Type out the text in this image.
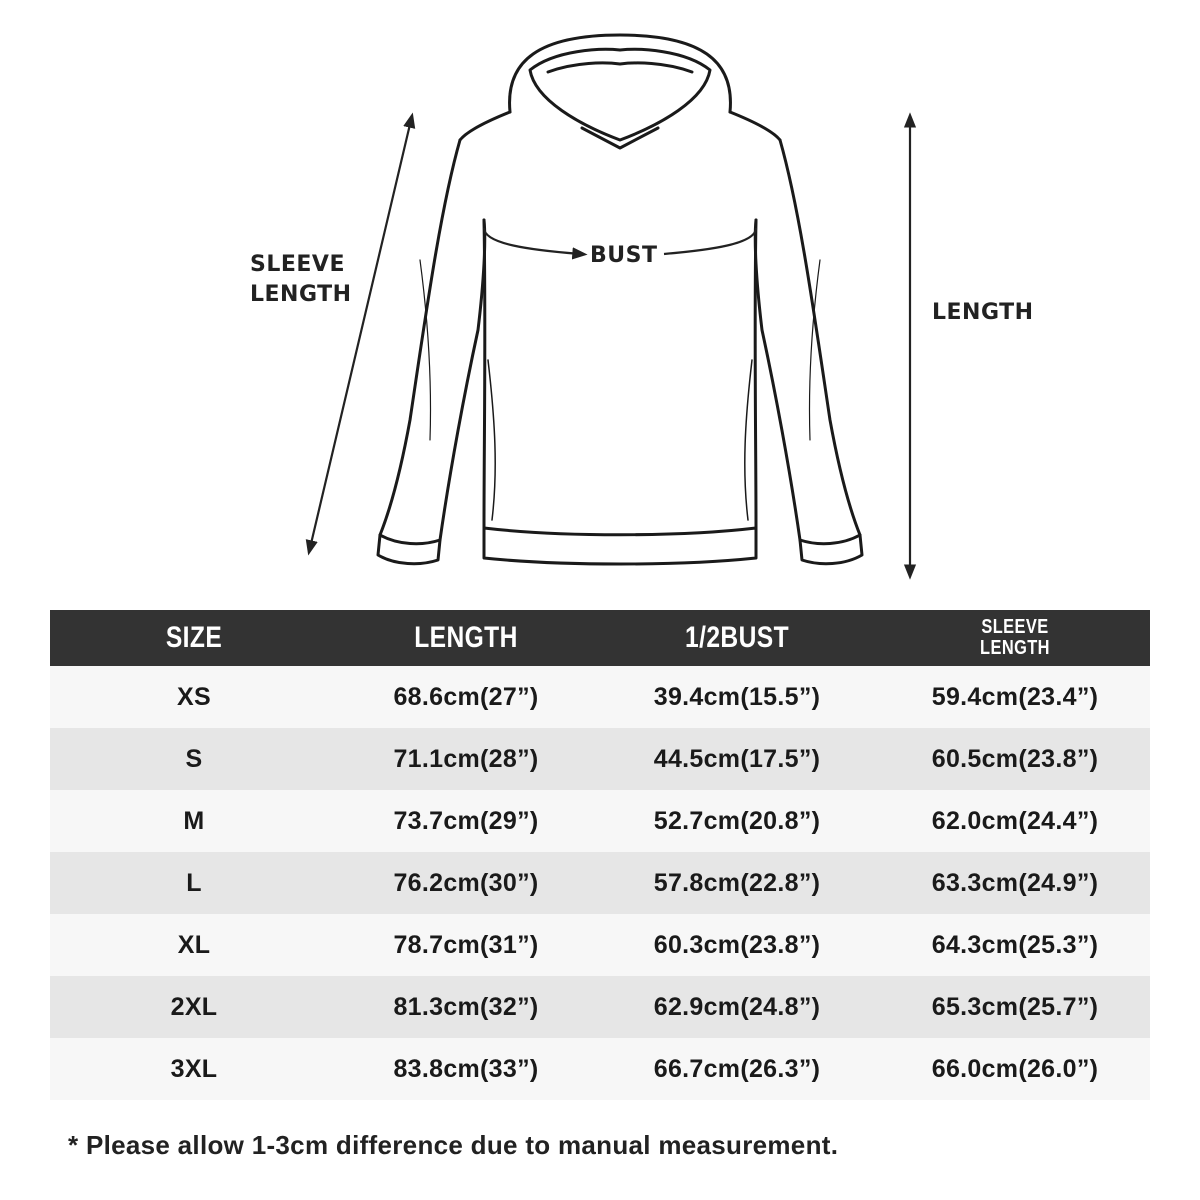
SLEEVE
LENGTH
BUST
LENGTH
SIZE	LENGTH	1/2BUST	SLEEVE
LENGTH

XS	68.6cm(27”)	39.4cm(15.5”)	59.4cm(23.4”)
S	71.1cm(28”)	44.5cm(17.5”)	60.5cm(23.8”)
M	73.7cm(29”)	52.7cm(20.8”)	62.0cm(24.4”)
L	76.2cm(30”)	57.8cm(22.8”)	63.3cm(24.9”)
XL	78.7cm(31”)	60.3cm(23.8”)	64.3cm(25.3”)
2XL	81.3cm(32”)	62.9cm(24.8”)	65.3cm(25.7”)
3XL	83.8cm(33”)	66.7cm(26.3”)	66.0cm(26.0”)
* Please allow 1-3cm difference due to manual measurement.
